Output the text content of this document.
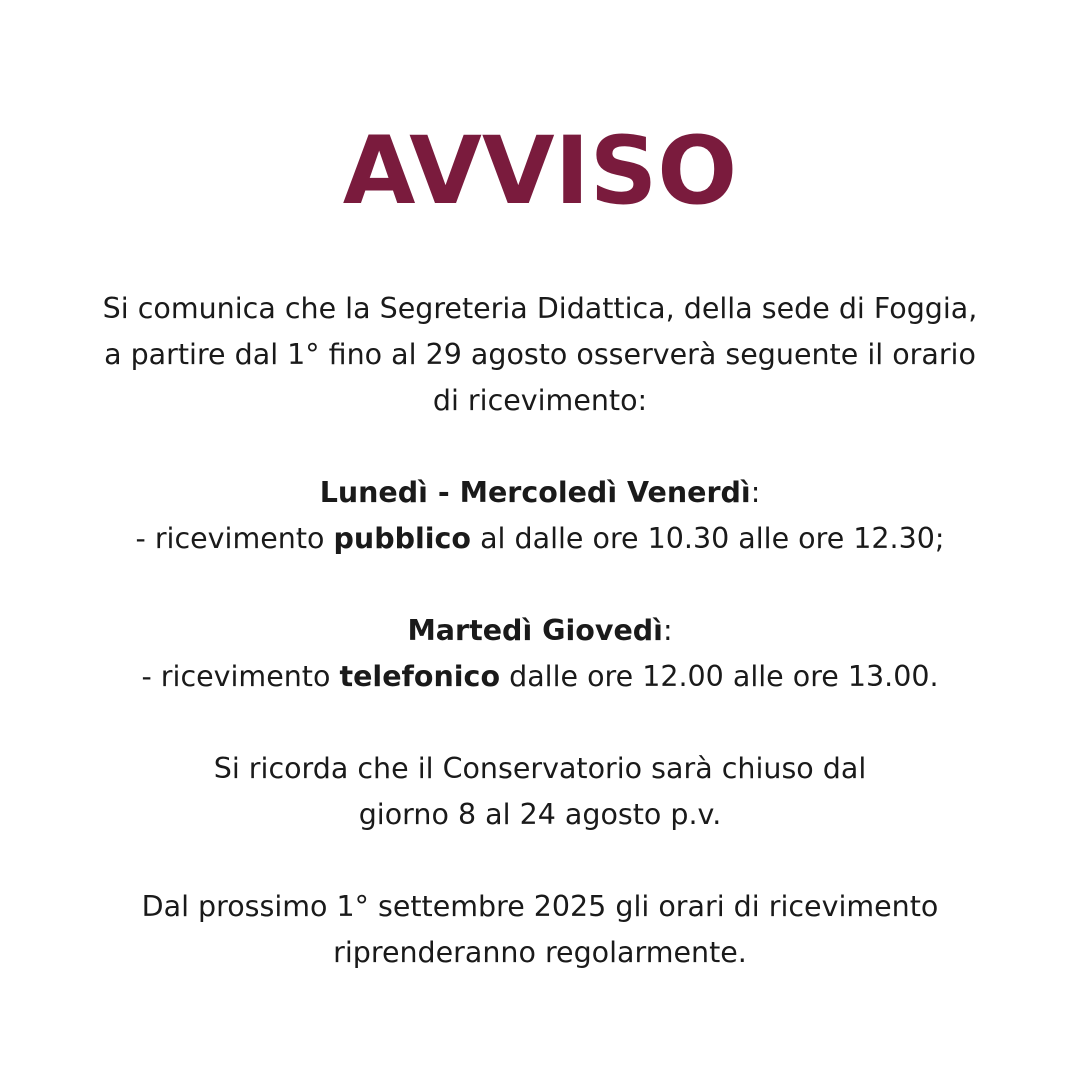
AVVISO
Si comunica che la Segreteria Didattica, della sede di Foggia,
a partire dal 1° fino al 29 agosto osserverà seguente il orario
di ricevimento:
Lunedì - Mercoledì Venerdì:
- ricevimento pubblico al dalle ore 10.30 alle ore 12.30;
Martedì Giovedì:
- ricevimento telefonico dalle ore 12.00 alle ore 13.00.
Si ricorda che il Conservatorio sarà chiuso dal
giorno 8 al 24 agosto p.v.
Dal prossimo 1° settembre 2025 gli orari di ricevimento
riprenderanno regolarmente.
